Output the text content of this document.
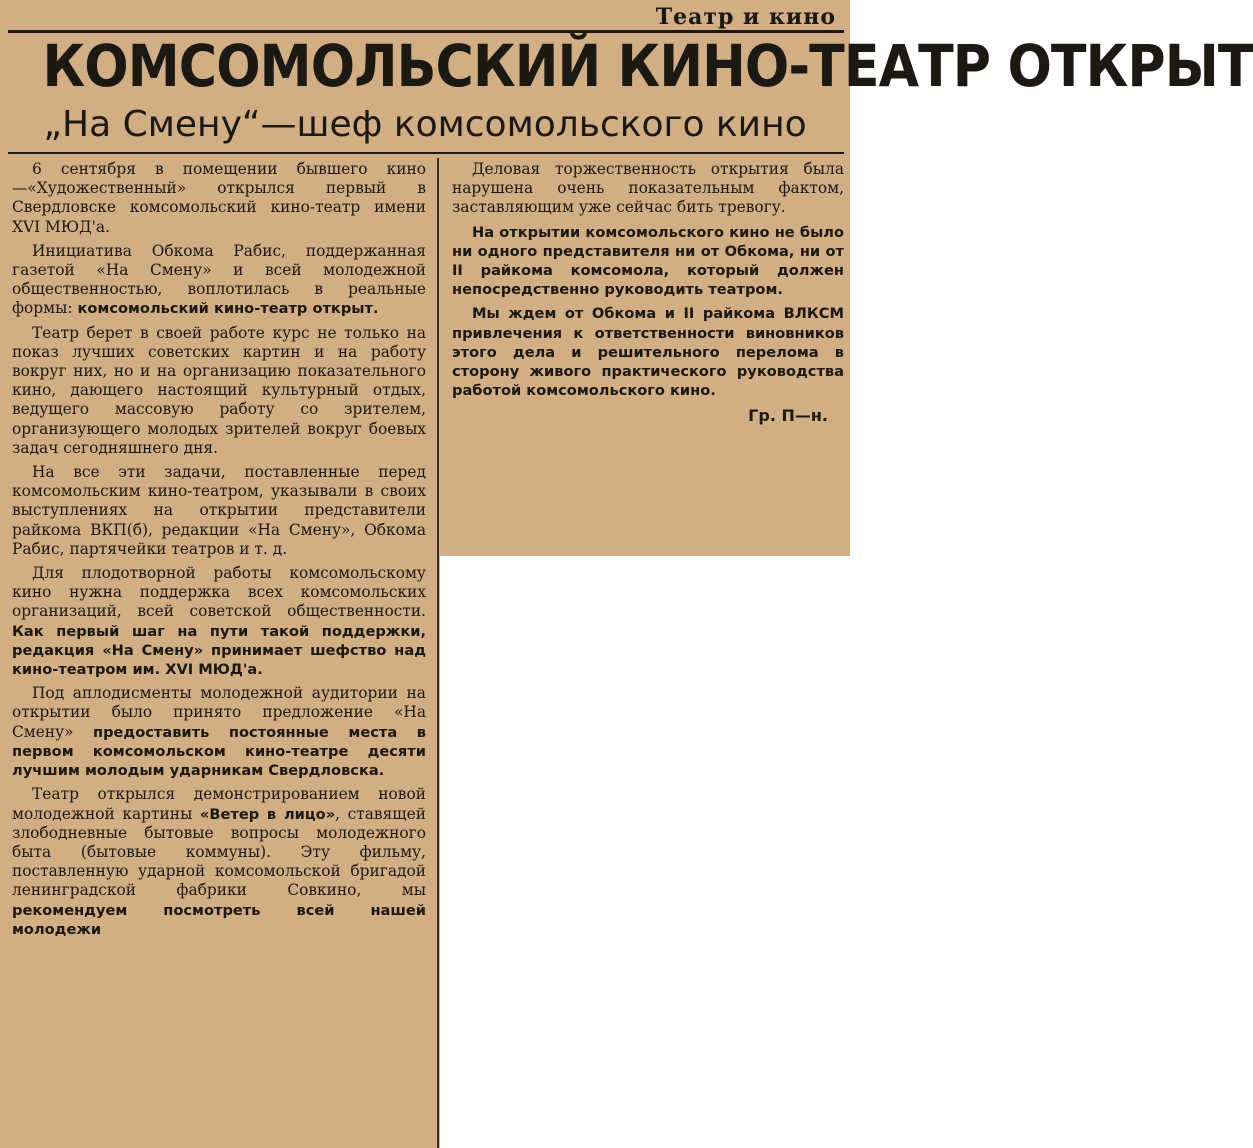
Театр и кино
КОМСОМОЛЬСКИЙ КИНО-ТЕАТР ОТКРЫТ
„На Смену“—шеф комсомольского кино

6 сентября в помещении бывшего кино—«Художественный» открылся первый в Свердловске комсомольский кино-театр имени XVI МЮД'а.

Инициатива Обкома Рабис, поддержанная газетой «На Смену» и всей молодежной общественностью, воплотилась в реальные формы: комсомольский кино-театр открыт.

Театр берет в своей работе курс не только на показ лучших советских картин и на работу вокруг них, но и на организацию показательного кино, дающего настоящий культурный отдых, ведущего массовую работу со зрителем, организующего молодых зрителей вокруг боевых задач сегодняшнего дня.

На все эти задачи, поставленные перед комсомольским кино-театром, указывали в своих выступлениях на открытии представители райкома ВКП(б), редакции «На Смену», Обкома Рабис, партячейки театров и т. д.

Для плодотворной работы комсомольскому кино нужна поддержка всех комсомольских организаций, всей советской общественности. Как первый шаг на пути такой поддержки, редакция «На Смену» принимает шефство над кино-театром им. XVI МЮД'а.

Под аплодисменты молодежной аудитории на открытии было принято предложение «На Смену» предоставить постоянные места в первом комсомольском кино-театре десяти лучшим молодым ударникам Свердловска.

Театр открылся демонстрированием новой молодежной картины «Ветер в лицо», ставящей злободневные бытовые вопросы молодежного быта (бытовые коммуны). Эту фильму, поставленную ударной комсомольской бригадой ленинградской фабрики Совкино, мы рекомендуем посмотреть всей нашей молодежи

Деловая торжественность открытия была нарушена очень показательным фактом, заставляющим уже сейчас бить тревогу.

На открытии комсомольского кино не было ни одного представителя ни от Обкома, ни от II райкома комсомола, который должен непосредственно руководить театром.

Мы ждем от Обкома и II райкома ВЛКСМ привлечения к ответственности виновников этого дела и решительного перелома в сторону живого практического руководства работой комсомольского кино.

Гр. П—н.
